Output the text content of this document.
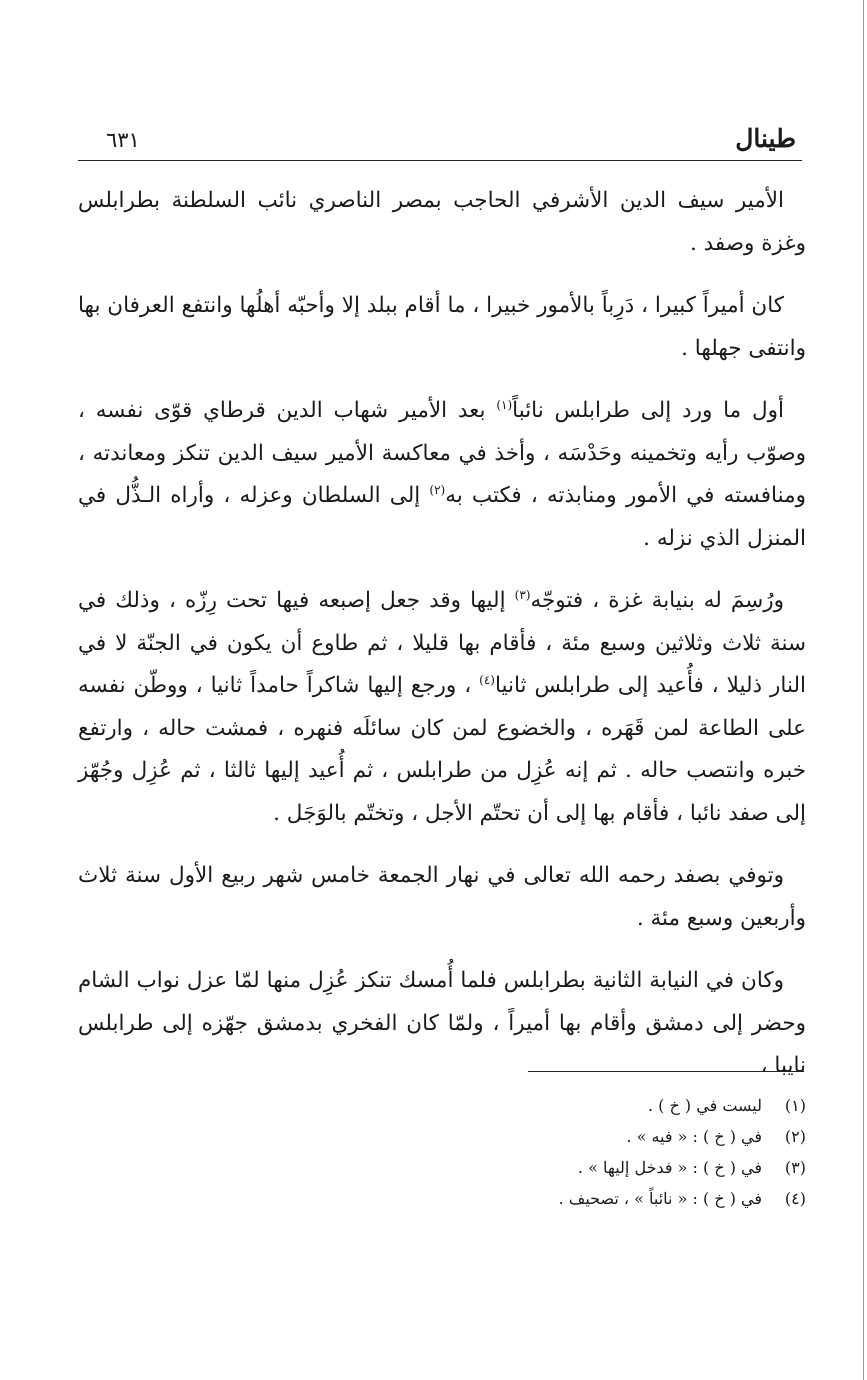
طينال
٦٣١

الأمير سيف الدين الأشرفي الحاجب بمصر الناصري نائب السلطنة بطرابلس وغزة وصفد .

كان أميراً كبيرا ، دَرِباً بالأمور خبيرا ، ما أقام ببلد إلا وأحبّه أهلُها وانتفع العرفان بها وانتفى جهلها .

أول ما ورد إلى طرابلس نائباً$^{(١)}$ بعد الأمير شهاب الدين قرطاي قوّى نفسه ، وصوّب رأيه وتخمينه وحَدْسَه ، وأخذ في معاكسة الأمير سيف الدين تنكز ومعاندته ، ومنافسته في الأمور ومنابذته ، فكتب به$^{(٢)}$ إلى السلطان وعزله ، وأراه الـذُّل في المنزل الذي نزله .

ورُسِمَ له بنيابة غزة ، فتوجّه$^{(٣)}$ إليها وقد جعل إصبعه فيها تحت رِزّه ، وذلك في سنة ثلاث وثلاثين وسبع مئة ، فأقام بها قليلا ، ثم طاوع أن يكون في الجنّة لا في النار ذليلا ، فأُعيد إلى طرابلس ثانيا$^{(٤)}$ ، ورجع إليها شاكراً حامداً ثانيا ، ووطّن نفسه على الطاعة لمن قَهَره ، والخضوع لمن كان سائلَه فنهره ، فمشت حاله ، وارتفع خبره وانتصب حاله . ثم إنه عُزِل من طرابلس ، ثم أُعيد إليها ثالثا ، ثم عُزِل وجُهّز إلى صفد نائبا ، فأقام بها إلى أن تحتّم الأجل ، وتختّم بالوَجَل .

وتوفي بصفد رحمه الله تعالى في نهار الجمعة خامس شهر ربيع الأول سنة ثلاث وأربعين وسبع مئة .

وكان في النيابة الثانية بطرابلس فلما أُمسك تنكز عُزِل منها لمّا عزل نواب الشام وحضر إلى دمشق وأقام بها أميراً ، ولمّا كان الفخري بدمشق جهّزه إلى طرابلس نايبا ،

(١)
ليست في ( خ ) .
(٢)
في ( خ ) : « فيه » .
(٣)
في ( خ ) : « فدخل إليها » .
(٤)
في ( خ ) : « نائباً » ، تصحيف .
